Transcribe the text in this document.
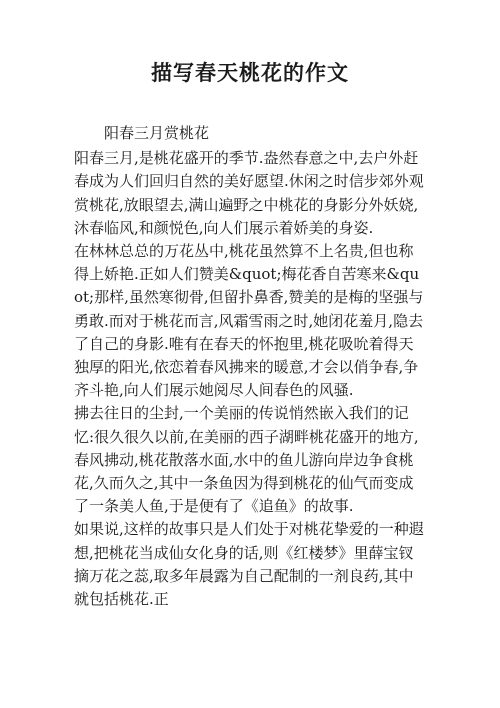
描写春天桃花的作文

阳春三月赏桃花

阳春三月,是桃花盛开的季节.盎然春意之中,去户外赶春成为人们回归自然的美好愿望.休闲之时信步郊外观赏桃花,放眼望去,满山遍野之中桃花的身影分外妖娆,沐春临风,和颜悦色,向人们展示着娇美的身姿.

在林林总总的万花丛中,桃花虽然算不上名贵,但也称得上娇艳.正如人们赞美&quot;梅花香自苦寒来&quot;那样,虽然寒彻骨,但留扑鼻香,赞美的是梅的坚强与勇敢.而对于桃花而言,风霜雪雨之时,她闭花羞月,隐去了自己的身影.唯有在春天的怀抱里,桃花吸吮着得天独厚的阳光,依恋着春风拂来的暖意,才会以俏争春,争齐斗艳,向人们展示她阅尽人间春色的风骚.

拂去往日的尘封,一个美丽的传说悄然嵌入我们的记忆:很久很久以前,在美丽的西子湖畔桃花盛开的地方,春风拂动,桃花散落水面,水中的鱼儿游向岸边争食桃花,久而久之,其中一条鱼因为得到桃花的仙气而变成了一条美人鱼,于是便有了《追鱼》的故事.

如果说,这样的故事只是人们处于对桃花挚爱的一种遐想,把桃花当成仙女化身的话,则《红楼梦》里薛宝钗摘万花之蕊,取多年晨露为自己配制的一剂良药,其中就包括桃花.正
